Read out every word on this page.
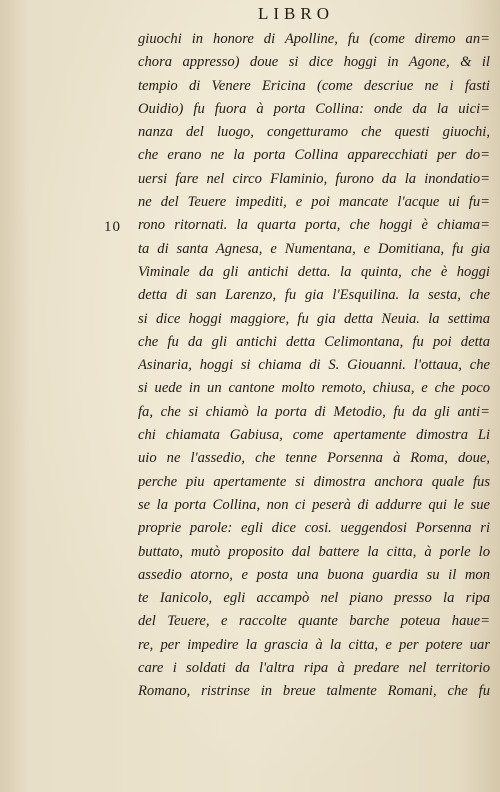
LIBRO
10
giuochi in honore di Apolline, fu (come diremo an=
chora appresso) doue si dice hoggi in Agone, & il
tempio di Venere Ericina (come descriue ne i fasti
Ouidio) fu fuora à porta Collina: onde da la uici=
nanza del luogo, congetturamo che questi giuochi,
che erano ne la porta Collina apparecchiati per do=
uersi fare nel circo Flaminio, furono da la inondatio=
ne del Teuere impediti, e poi mancate l'acque ui fu=
rono ritornati. la quarta porta, che hoggi è chiama=
ta di santa Agnesa, e Numentana, e Domitiana, fu gia
Viminale da gli antichi detta. la quinta, che è hoggi
detta di san Larenzo, fu gia l'Esquilina. la sesta, che
si dice hoggi maggiore, fu gia detta Neuia. la settima
che fu da gli antichi detta Celimontana, fu poi detta
Asinaria, hoggi si chiama di S. Giouanni. l'ottaua, che
si uede in un cantone molto remoto, chiusa, e che poco
fa, che si chiamò la porta di Metodio, fu da gli anti=
chi chiamata Gabiusa, come apertamente dimostra Li
uio ne l'assedio, che tenne Porsenna à Roma, doue,
perche piu apertamente si dimostra anchora quale fus
se la porta Collina, non ci peserà di addurre qui le sue
proprie parole: egli dice cosi. ueggendosi Porsenna ri
buttato, mutò proposito dal battere la citta, à porle lo
assedio atorno, e posta una buona guardia su il mon
te Ianicolo, egli accampò nel piano presso la ripa
del Teuere, e raccolte quante barche poteua haue=
re, per impedire la grascia à la citta, e per potere uar
care i soldati da l'altra ripa à predare nel territorio
Romano, ristrinse in breue talmente Romani, che fu
